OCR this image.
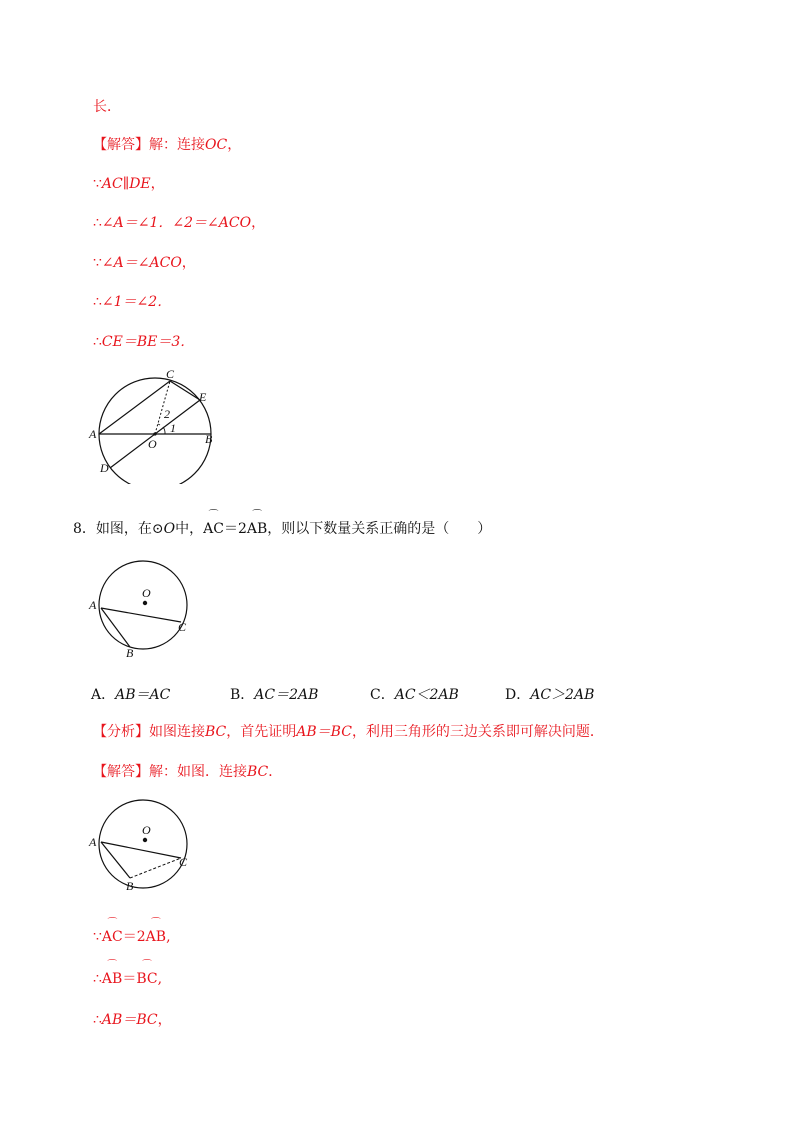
长．
【解答】解：连接OC，
∵AC∥DE，
∴∠A＝∠1．∠2＝∠ACO，
∵∠A＝∠ACO，
∴∠1＝∠2．
∴CE＝BE＝3．
C
E
A	B
O
D
2
1
8．如图，在⊙O中，
⌒
AC＝2
⌒
AB，则以下数量关系正确的是（　　）
O
A
C
B
A．AB＝AC	B．AC＝2AB	C．AC＜2AB	D．AC＞2AB
【分析】如图连接BC，首先证明AB＝BC，利用三角形的三边关系即可解决问题．
【解答】解：如图．连接BC．
O
A
C
B
∵
⌒
AC＝2
⌒
AB,
∴
⌒
AB＝
⌒
BC,
∴AB＝BC，
